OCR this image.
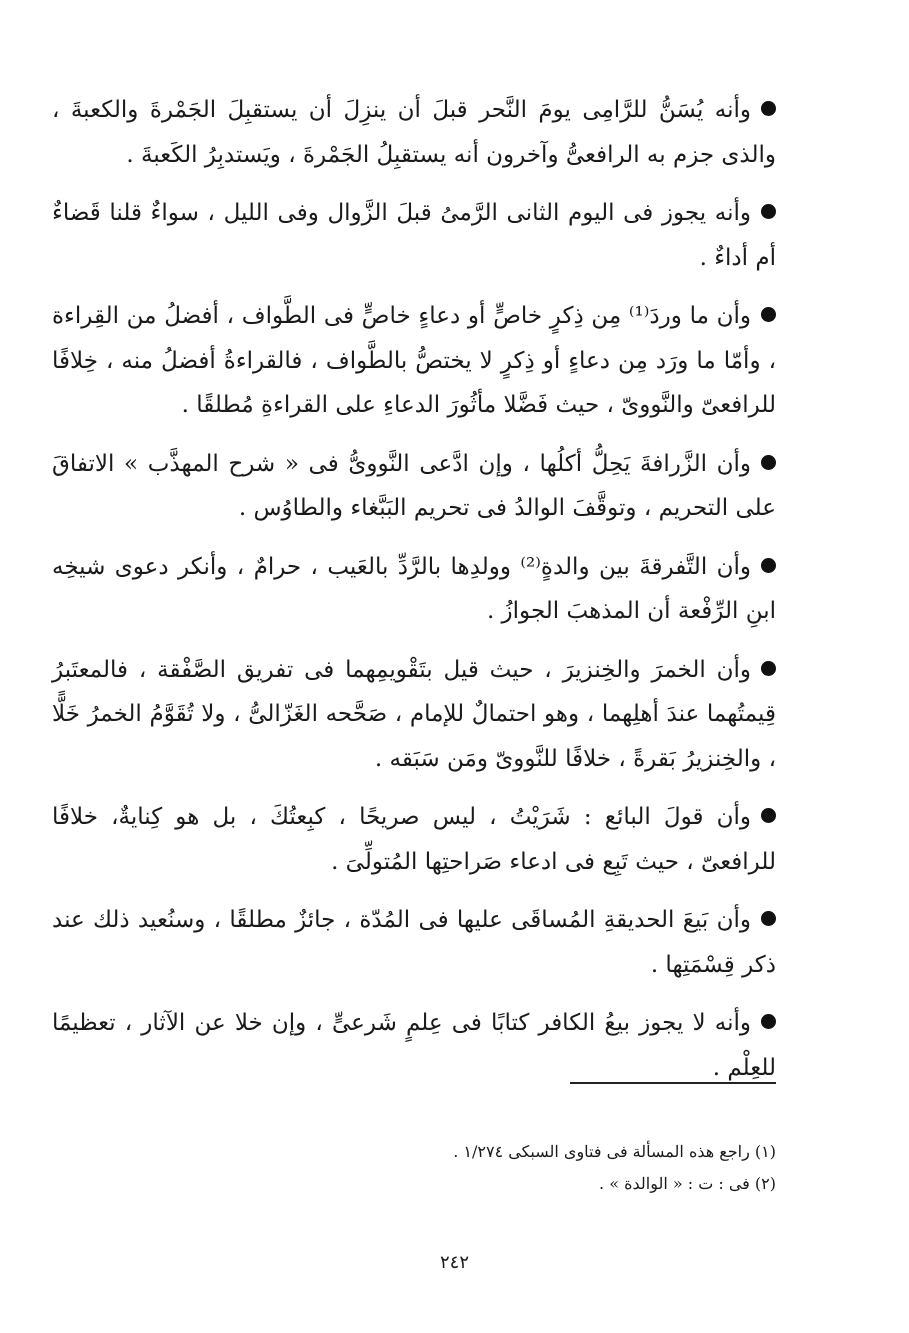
وأنه يُسَنُّ للرَّامِى يومَ النَّحر قبلَ أن ينزِلَ أن يستقبِلَ الجَمْرةَ والكعبةَ ، والذى جزم به الرافعىُّ وآخرون أنه يستقبِلُ الجَمْرةَ ، ويَستدبِرُ الكَعبةَ .

وأنه يجوز فى اليوم الثانى الرَّمىُ قبلَ الزَّوال وفى الليل ، سواءٌ قلنا قَضاءٌ أم أداءٌ .

وأن ما وردَ⁽¹⁾ مِن ذِكرٍ خاصٍّ أو دعاءٍ خاصٍّ فى الطَّواف ، أفضلُ من القِراءة ، وأمّا ما ورَد مِن دعاءٍ أو ذِكرٍ لا يختصُّ بالطَّواف ، فالقراءةُ أفضلُ منه ، خِلافًا للرافعىّ والنَّووىّ ، حيث فَضَّلا مأثُورَ الدعاءِ على القراءةِ مُطلقًا .

وأن الزَّرافةَ يَحِلُّ أكلُها ، وإن ادَّعى النَّووىُّ فى « شرح المهذَّب » الاتفاقَ على التحريم ، وتوقَّفَ الوالدُ فى تحريم البَبَّغاء والطاوُس .

وأن التَّفرقةَ بين والدةٍ⁽²⁾ وولدِها بالرَّدِّ بالعَيب ، حرامٌ ، وأنكر دعوى شيخِه ابنِ الرِّفْعة أن المذهبَ الجوازُ .

وأن الخمرَ والخِنزيرَ ، حيث قيل بتَقْويمِهما فى تفريق الصَّفْقة ، فالمعتَبرُ قِيمتُهما عندَ أهلِهما ، وهو احتمالٌ للإمام ، صَحَّحه الغَزّالىُّ ، ولا تُقَوَّمُ الخمرُ خَلًّا ، والخِنزيرُ بَقرةً ، خلافًا للنَّووىّ ومَن سَبَقه .

وأن قولَ البائع : شَرَيْتُ ، ليس صريحًا ، كبِعتُكَ ، بل هو كِنايةٌ، خلافًا للرافعىّ ، حيث تَبِع فى ادعاء صَراحتِها المُتولِّىَ .

وأن بَيعَ الحديقةِ المُساقَى عليها فى المُدّة ، جائزٌ مطلقًا ، وسنُعيد ذلك عند ذكر قِسْمَتِها .

وأنه لا يجوز بيعُ الكافر كتابًا فى عِلمٍ شَرعىٍّ ، وإن خلا عن الآثار ، تعظيمًا للعِلْم .

(١) راجع هذه المسألة فى فتاوى السبكى ١/٢٧٤ .

(٢) فى : ت : « الوالدة » .

٢٤٢
